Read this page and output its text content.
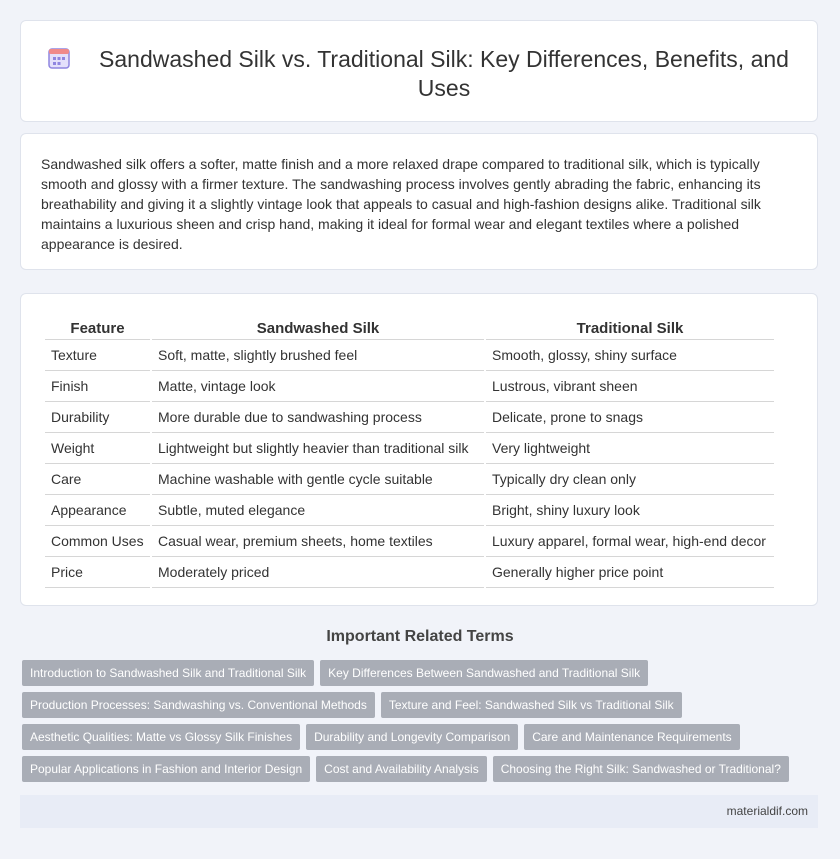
Sandwashed Silk vs. Traditional Silk: Key Differences, Benefits, and Uses

Sandwashed silk offers a softer, matte finish and a more relaxed drape compared to traditional silk, which is typically smooth and glossy with a firmer texture. The sandwashing process involves gently abrading the fabric, enhancing its breathability and giving it a slightly vintage look that appeals to casual and high-fashion designs alike. Traditional silk maintains a luxurious sheen and crisp hand, making it ideal for formal wear and elegant textiles where a polished appearance is desired.

Feature	Sandwashed Silk	Traditional Silk
Texture	Soft, matte, slightly brushed feel	Smooth, glossy, shiny surface
Finish	Matte, vintage look	Lustrous, vibrant sheen
Durability	More durable due to sandwashing process	Delicate, prone to snags
Weight	Lightweight but slightly heavier than traditional silk	Very lightweight
Care	Machine washable with gentle cycle suitable	Typically dry clean only
Appearance	Subtle, muted elegance	Bright, shiny luxury look
Common Uses	Casual wear, premium sheets, home textiles	Luxury apparel, formal wear, high-end decor
Price	Moderately priced	Generally higher price point
Important Related Terms
Introduction to Sandwashed Silk and Traditional Silk	Key Differences Between Sandwashed and Traditional Silk
Production Processes: Sandwashing vs. Conventional Methods	Texture and Feel: Sandwashed Silk vs Traditional Silk
Aesthetic Qualities: Matte vs Glossy Silk Finishes	Durability and Longevity Comparison	Care and Maintenance Requirements
Popular Applications in Fashion and Interior Design	Cost and Availability Analysis	Choosing the Right Silk: Sandwashed or Traditional?
materialdif.com
